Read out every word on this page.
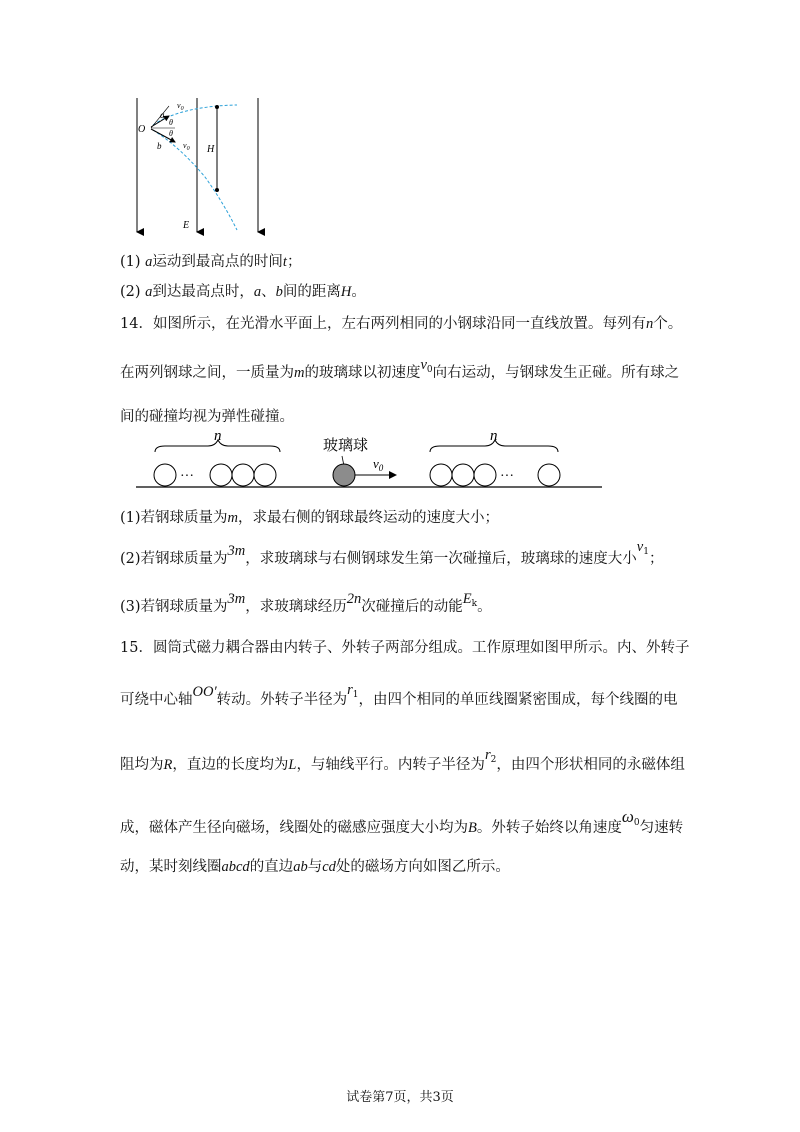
O
a
b
$v_0$
$v_0$
θ
θ
H
E
(1) a运动到最高点的时间t；
(2) a到达最高点时，a、b间的距离H。
14．如图所示，在光滑水平面上，左右两列相同的小钢球沿同一直线放置。每列有n个。
在两列钢球之间，一质量为m的玻璃球以初速度$v_0$向右运动，与钢球发生正碰。所有球之
间的碰撞均视为弹性碰撞。
n
···
玻璃球
$v_0$
n
···
(1)若钢球质量为m，求最右侧的钢球最终运动的速度大小；
(2)若钢球质量为3m，求玻璃球与右侧钢球发生第一次碰撞后，玻璃球的速度大小$v_1$；
(3)若钢球质量为3m，求玻璃球经历2n次碰撞后的动能$E_k$。
15．圆筒式磁力耦合器由内转子、外转子两部分组成。工作原理如图甲所示。内、外转子
可绕中心轴OO′转动。外转子半径为$r_1$，由四个相同的单匝线圈紧密围成，每个线圈的电
阻均为R，直边的长度均为L，与轴线平行。内转子半径为$r_2$，由四个形状相同的永磁体组
成，磁体产生径向磁场，线圈处的磁感应强度大小均为B。外转子始终以角速度$\omega_0$匀速转
动，某时刻线圈abcd的直边ab与cd处的磁场方向如图乙所示。
试卷第7页，共3页
